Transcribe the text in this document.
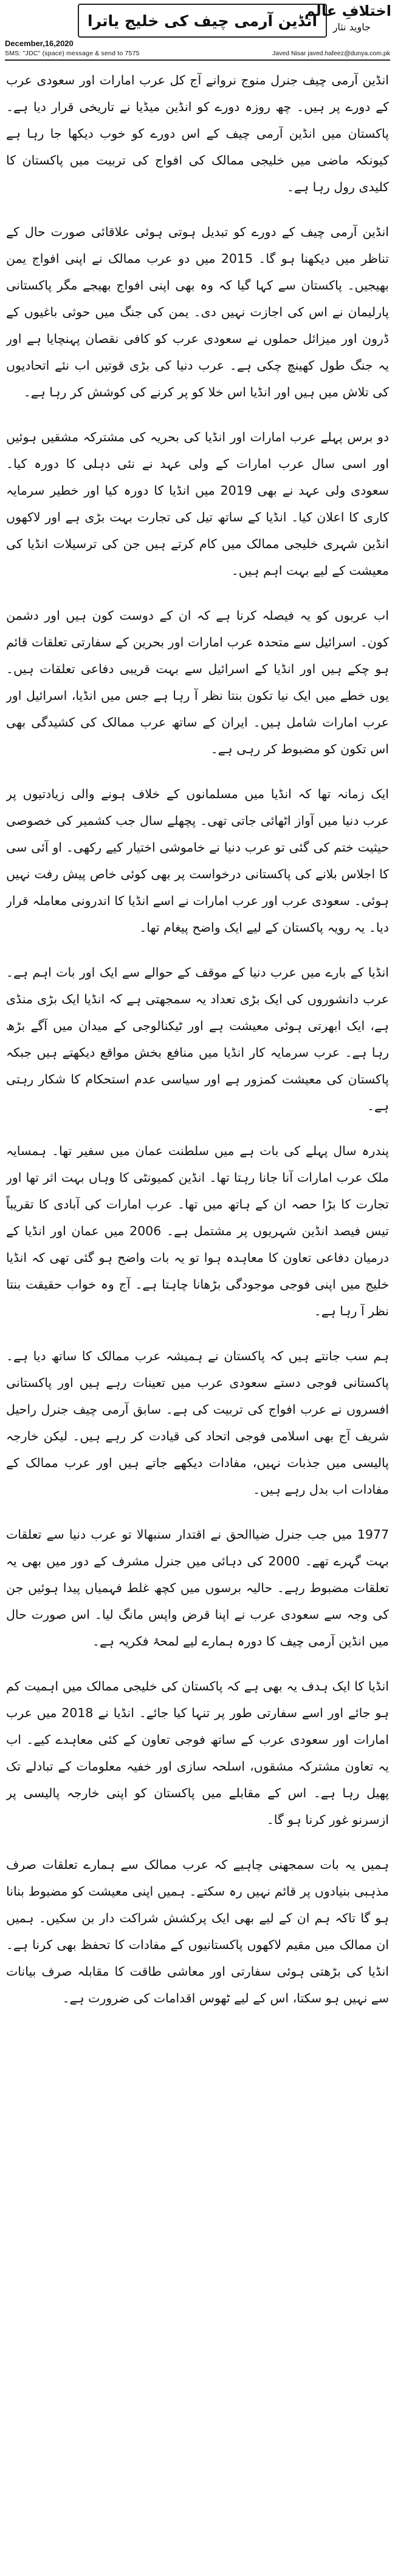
انڈین آرمی چیف کی خلیج یاترا
اختلافِ عالم
جاوید نثار
December,16,2020
SMS: "JDC" (space) message & send to 7575	Javed Nisar javed.hafeez@dunya.com.pk

انڈین آرمی چیف جنرل منوج نروانے آج کل عرب امارات اور سعودی عرب کے دورے پر ہیں۔ چھ روزہ دورے کو انڈین میڈیا نے تاریخی قرار دیا ہے۔ پاکستان میں انڈین آرمی چیف کے اس دورے کو خوب دیکھا جا رہا ہے کیونکہ ماضی میں خلیجی ممالک کی افواج کی تربیت میں پاکستان کا کلیدی رول رہا ہے۔

انڈین آرمی چیف کے دورے کو تبدیل ہوتی ہوئی علاقائی صورت حال کے تناظر میں دیکھنا ہو گا۔ 2015 میں دو عرب ممالک نے اپنی افواج یمن بھیجیں۔ پاکستان سے کہا گیا کہ وہ بھی اپنی افواج بھیجے مگر پاکستانی پارلیمان نے اس کی اجازت نہیں دی۔ یمن کی جنگ میں حوثی باغیوں کے ڈرون اور میزائل حملوں نے سعودی عرب کو کافی نقصان پہنچایا ہے اور یہ جنگ طول کھینچ چکی ہے۔ عرب دنیا کی بڑی قوتیں اب نئے اتحادیوں کی تلاش میں ہیں اور انڈیا اس خلا کو پر کرنے کی کوشش کر رہا ہے۔

دو برس پہلے عرب امارات اور انڈیا کی بحریہ کی مشترکہ مشقیں ہوئیں اور اسی سال عرب امارات کے ولی عہد نے نئی دہلی کا دورہ کیا۔ سعودی ولی عہد نے بھی 2019 میں انڈیا کا دورہ کیا اور خطیر سرمایہ کاری کا اعلان کیا۔ انڈیا کے ساتھ تیل کی تجارت بہت بڑی ہے اور لاکھوں انڈین شہری خلیجی ممالک میں کام کرتے ہیں جن کی ترسیلات انڈیا کی معیشت کے لیے بہت اہم ہیں۔

اب عربوں کو یہ فیصلہ کرنا ہے کہ ان کے دوست کون ہیں اور دشمن کون۔ اسرائیل سے متحدہ عرب امارات اور بحرین کے سفارتی تعلقات قائم ہو چکے ہیں اور انڈیا کے اسرائیل سے بہت قریبی دفاعی تعلقات ہیں۔ یوں خطے میں ایک نیا تکون بنتا نظر آ رہا ہے جس میں انڈیا، اسرائیل اور عرب امارات شامل ہیں۔ ایران کے ساتھ عرب ممالک کی کشیدگی بھی اس تکون کو مضبوط کر رہی ہے۔

ایک زمانہ تھا کہ انڈیا میں مسلمانوں کے خلاف ہونے والی زیادتیوں پر عرب دنیا میں آواز اٹھائی جاتی تھی۔ پچھلے سال جب کشمیر کی خصوصی حیثیت ختم کی گئی تو عرب دنیا نے خاموشی اختیار کیے رکھی۔ او آئی سی کا اجلاس بلانے کی پاکستانی درخواست پر بھی کوئی خاص پیش رفت نہیں ہوئی۔ سعودی عرب اور عرب امارات نے اسے انڈیا کا اندرونی معاملہ قرار دیا۔ یہ رویہ پاکستان کے لیے ایک واضح پیغام تھا۔

انڈیا کے بارے میں عرب دنیا کے موقف کے حوالے سے ایک اور بات اہم ہے۔ عرب دانشوروں کی ایک بڑی تعداد یہ سمجھتی ہے کہ انڈیا ایک بڑی منڈی ہے، ایک ابھرتی ہوئی معیشت ہے اور ٹیکنالوجی کے میدان میں آگے بڑھ رہا ہے۔ عرب سرمایہ کار انڈیا میں منافع بخش مواقع دیکھتے ہیں جبکہ پاکستان کی معیشت کمزور ہے اور سیاسی عدم استحکام کا شکار رہتی ہے۔

پندرہ سال پہلے کی بات ہے میں سلطنت عمان میں سفیر تھا۔ ہمسایہ ملک عرب امارات آنا جانا رہتا تھا۔ انڈین کمیونٹی کا وہاں بہت اثر تھا اور تجارت کا بڑا حصہ ان کے ہاتھ میں تھا۔ عرب امارات کی آبادی کا تقریباً تیس فیصد انڈین شہریوں پر مشتمل ہے۔ 2006 میں عمان اور انڈیا کے درمیان دفاعی تعاون کا معاہدہ ہوا تو یہ بات واضح ہو گئی تھی کہ انڈیا خلیج میں اپنی فوجی موجودگی بڑھانا چاہتا ہے۔ آج وہ خواب حقیقت بنتا نظر آ رہا ہے۔

ہم سب جانتے ہیں کہ پاکستان نے ہمیشہ عرب ممالک کا ساتھ دیا ہے۔ پاکستانی فوجی دستے سعودی عرب میں تعینات رہے ہیں اور پاکستانی افسروں نے عرب افواج کی تربیت کی ہے۔ سابق آرمی چیف جنرل راحیل شریف آج بھی اسلامی فوجی اتحاد کی قیادت کر رہے ہیں۔ لیکن خارجہ پالیسی میں جذبات نہیں، مفادات دیکھے جاتے ہیں اور عرب ممالک کے مفادات اب بدل رہے ہیں۔

1977 میں جب جنرل ضیاالحق نے اقتدار سنبھالا تو عرب دنیا سے تعلقات بہت گہرے تھے۔ 2000 کی دہائی میں جنرل مشرف کے دور میں بھی یہ تعلقات مضبوط رہے۔ حالیہ برسوں میں کچھ غلط فہمیاں پیدا ہوئیں جن کی وجہ سے سعودی عرب نے اپنا قرض واپس مانگ لیا۔ اس صورت حال میں انڈین آرمی چیف کا دورہ ہمارے لیے لمحۂ فکریہ ہے۔

انڈیا کا ایک ہدف یہ بھی ہے کہ پاکستان کی خلیجی ممالک میں اہمیت کم ہو جائے اور اسے سفارتی طور پر تنہا کیا جائے۔ انڈیا نے 2018 میں عرب امارات اور سعودی عرب کے ساتھ فوجی تعاون کے کئی معاہدے کیے۔ اب یہ تعاون مشترکہ مشقوں، اسلحہ سازی اور خفیہ معلومات کے تبادلے تک پھیل رہا ہے۔ اس کے مقابلے میں پاکستان کو اپنی خارجہ پالیسی پر ازسرنو غور کرنا ہو گا۔

ہمیں یہ بات سمجھنی چاہیے کہ عرب ممالک سے ہمارے تعلقات صرف مذہبی بنیادوں پر قائم نہیں رہ سکتے۔ ہمیں اپنی معیشت کو مضبوط بنانا ہو گا تاکہ ہم ان کے لیے بھی ایک پرکشش شراکت دار بن سکیں۔ ہمیں ان ممالک میں مقیم لاکھوں پاکستانیوں کے مفادات کا تحفظ بھی کرنا ہے۔ انڈیا کی بڑھتی ہوئی سفارتی اور معاشی طاقت کا مقابلہ صرف بیانات سے نہیں ہو سکتا، اس کے لیے ٹھوس اقدامات کی ضرورت ہے۔
